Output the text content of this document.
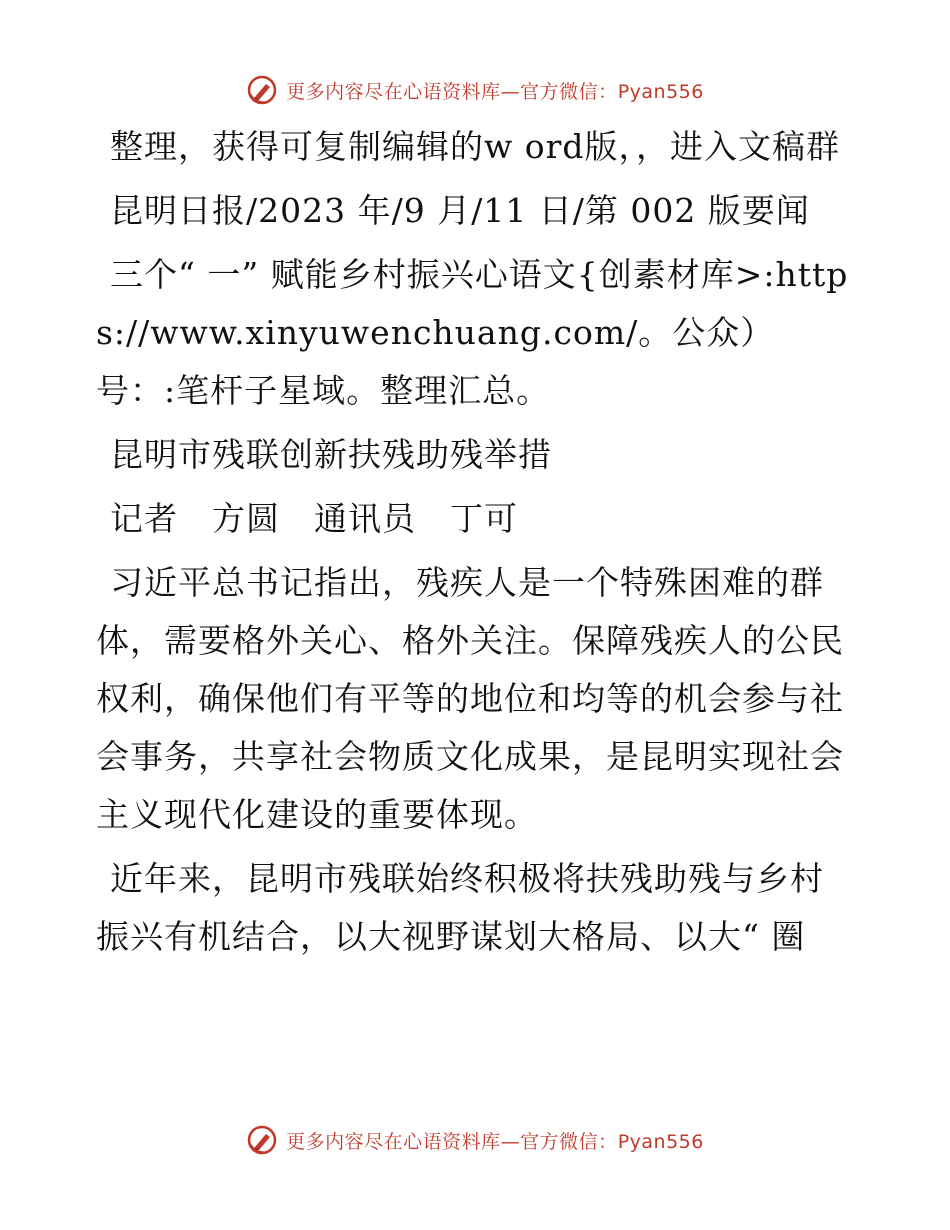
更多内容尽在心语资料库—官方微信：Pyan556

整理，获得可复制编辑的w ord版，，进入文稿群

昆明日报/2023 年/9 月/11 日/第 002 版要闻

三个“ 一” 赋能乡村振兴心语文{创素材库>:https://www.xinyuwenchuang.com/。公众）号：:笔杆子星域。整理汇总。

昆明市残联创新扶残助残举措

记者　方圆　通讯员　丁可

习近平总书记指出，残疾人是一个特殊困难的群体，需要格外关心、格外关注。保障残疾人的公民权利，确保他们有平等的地位和均等的机会参与社会事务，共享社会物质文化成果，是昆明实现社会主义现代化建设的重要体现。

近年来，昆明市残联始终积极将扶残助残与乡村振兴有机结合，以大视野谋划大格局、以大“ 圈

更多内容尽在心语资料库—官方微信：Pyan556
